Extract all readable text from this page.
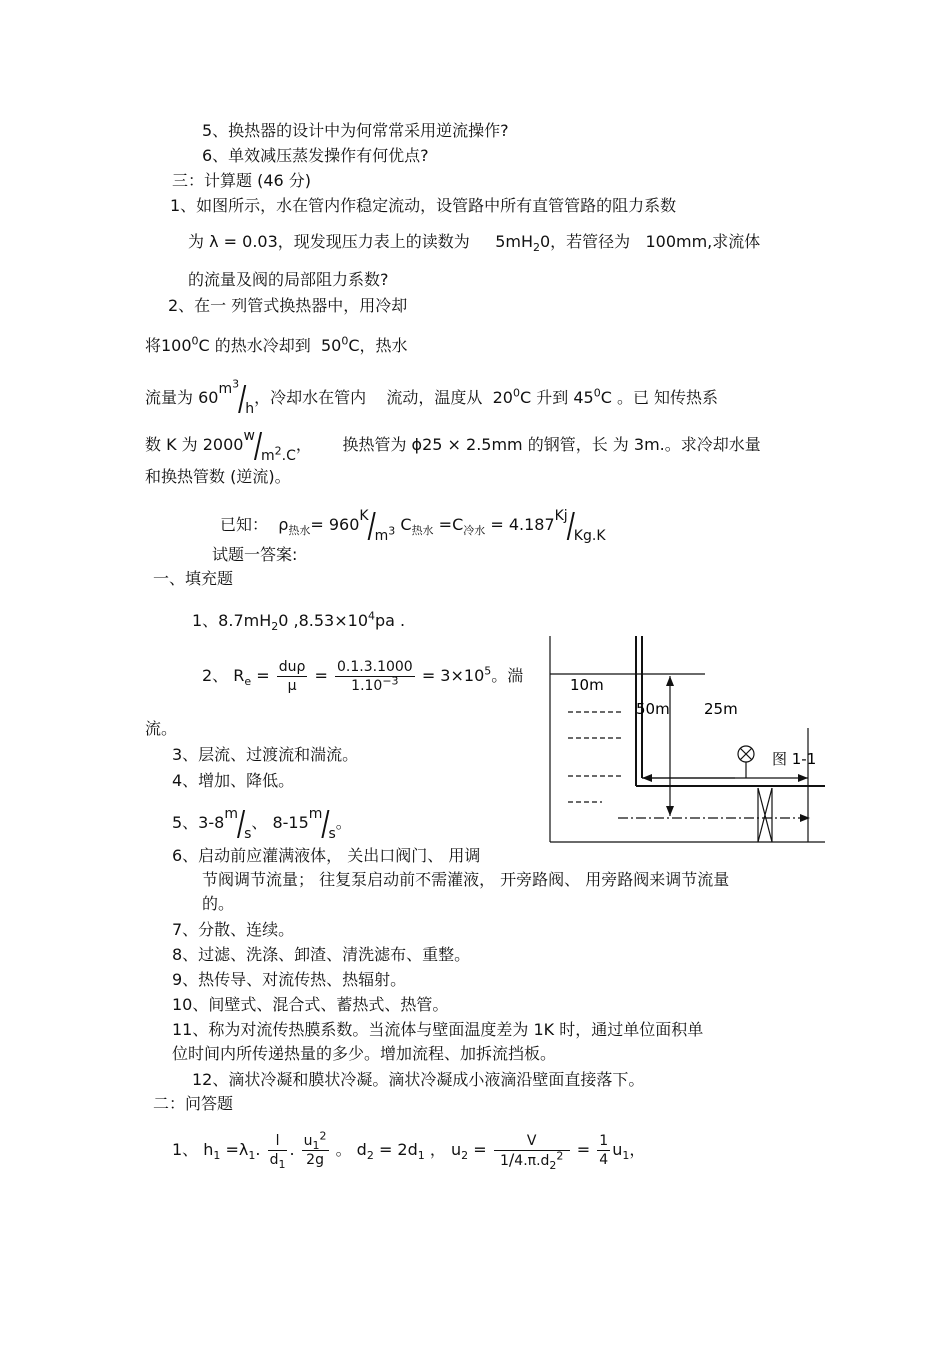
5、换热器的设计中为何常常采用逆流操作?
6、单效减压蒸发操作有何优点?
三：计算题 (46 分)
1、如图所示，水在管内作稳定流动，设管路中所有直管管路的阻力系数
为 λ = 0.03，现发现压力表上的读数为 $5mH_20$，若管径为 100mm,求流体
的流量及阀的局部阻力系数?
2、在一 列管式换热器中，用冷却
将$100^0C$ 的热水冷却到 $50^0C$，热水
流量为 $60m^3/h$，冷却水在管内 流动，温度从 $20^0C$ 升到 $45^0C$ 。已 知传热系
数 K 为 $2000w/m^2.C$， 换热管为 ɸ25 × 2.5mm 的钢管，长 为 3m.。求冷却水量
和换热管数 (逆流)。
已知： $\rho_{热水}= 960K/m^3$ $C_{热水} =C_{冷水} = 4.187Kj/Kg.K$
试题一答案:
一、填充题
1、$8.7mH_20$ $,8.53\times 10^4pa$ .
2、 $R_e = \frac{\text{duρ}}{\mu} = \frac{0.1.3.1000}{1.10^{-3}} = 3\times 10^5$。湍
流。
3、层流、过渡流和湍流。
4、增加、降低。
5、3-8m/s、 8-15m/s。
6、启动前应灌满液体， 关出口阀门、 用调
节阀调节流量； 往复泵启动前不需灌液， 开旁路阀、 用旁路阀来调节流量
的。
7、分散、连续。
8、过滤、洗涤、卸渣、清洗滤布、重整。
9、热传导、对流传热、热辐射。
10、间壁式、混合式、蓄热式、热管。
11、称为对流传热膜系数。当流体与壁面温度差为 1K 时，通过单位面积单
位时间内所传递热量的多少。增加流程、加拆流挡板。
12、滴状冷凝和膜状冷凝。滴状冷凝成小液滴沿壁面直接落下。
二：问答题
1、 $h_1 =\lambda_1$. $\frac{l}{d_1}$ . $\frac{u_1^2}{2g}$ 。 $d_2 = 2d_1$ ， $u_2 = \frac{V}{1/4.\pi.d_2^2} = \frac{1}{4} u_1$，
10m
50m 25m
图 1-1
